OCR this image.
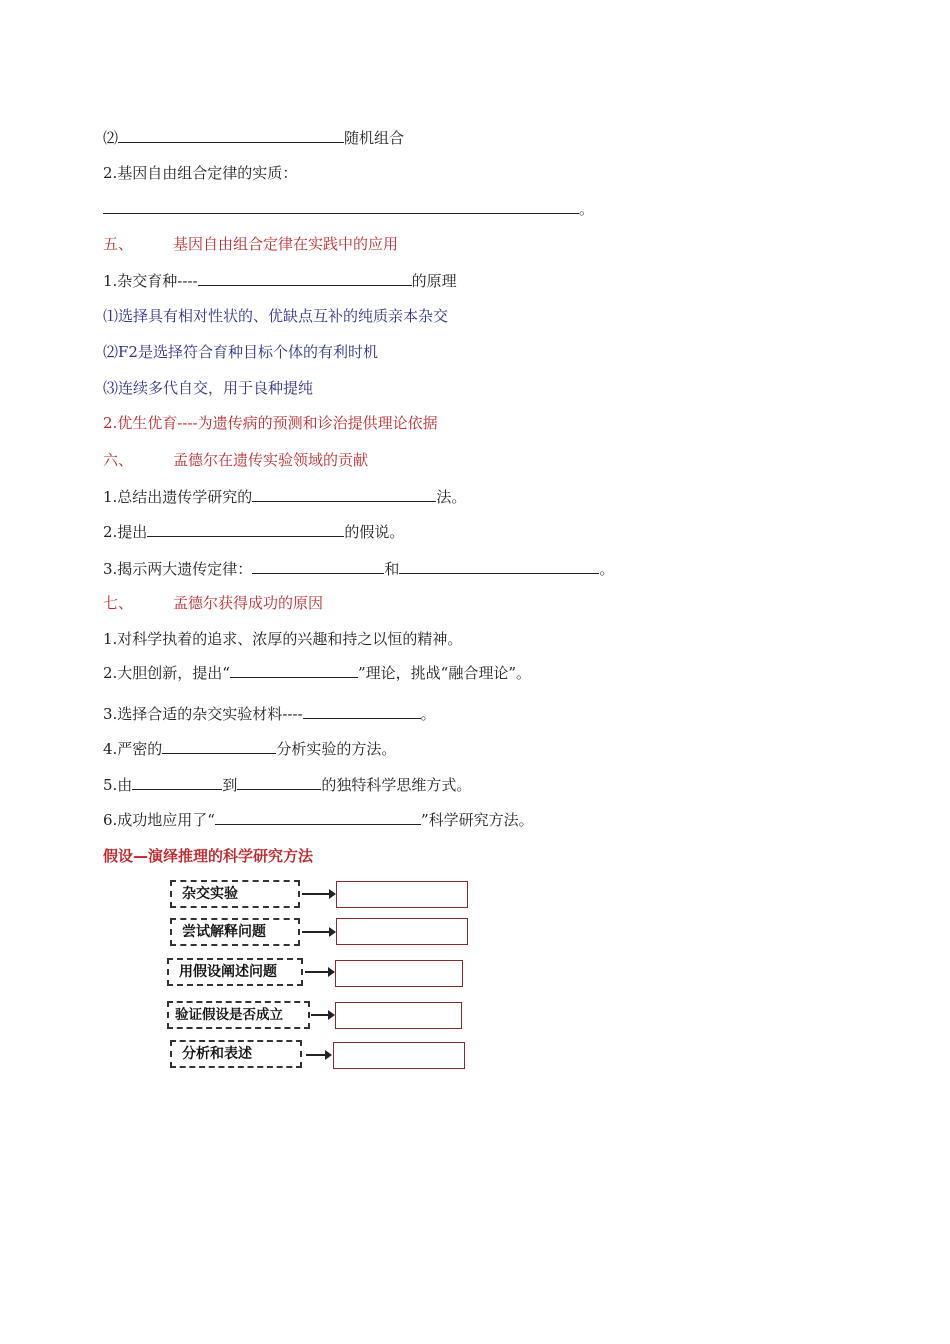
⑵	随机组合
2.基因自由组合定律的实质：
。
五、	基因自由组合定律在实践中的应用
1.杂交育种----	的原理
⑴选择具有相对性状的、优缺点互补的纯质亲本杂交
⑵F2是选择符合育种目标个体的有利时机
⑶连续多代自交，用于良种提纯
2.优生优育----为遗传病的预测和诊治提供理论依据
六、	孟德尔在遗传实验领域的贡献
1.总结出遗传学研究的	法。
2.提出	的假说。
3.揭示两大遗传定律：	和	。
七、	孟德尔获得成功的原因
1.对科学执着的追求、浓厚的兴趣和持之以恒的精神。
2.大胆创新，提出“	”理论，挑战“融合理论”。
3.选择合适的杂交实验材料----	。
4.严密的	分析实验的方法。
5.由	到	的独特科学思维方式。
6.成功地应用了“	”科学研究方法。
假设—演绎推理的科学研究方法
杂交实验
尝试解释问题
用假设阐述问题
验证假设是否成立
分析和表述
